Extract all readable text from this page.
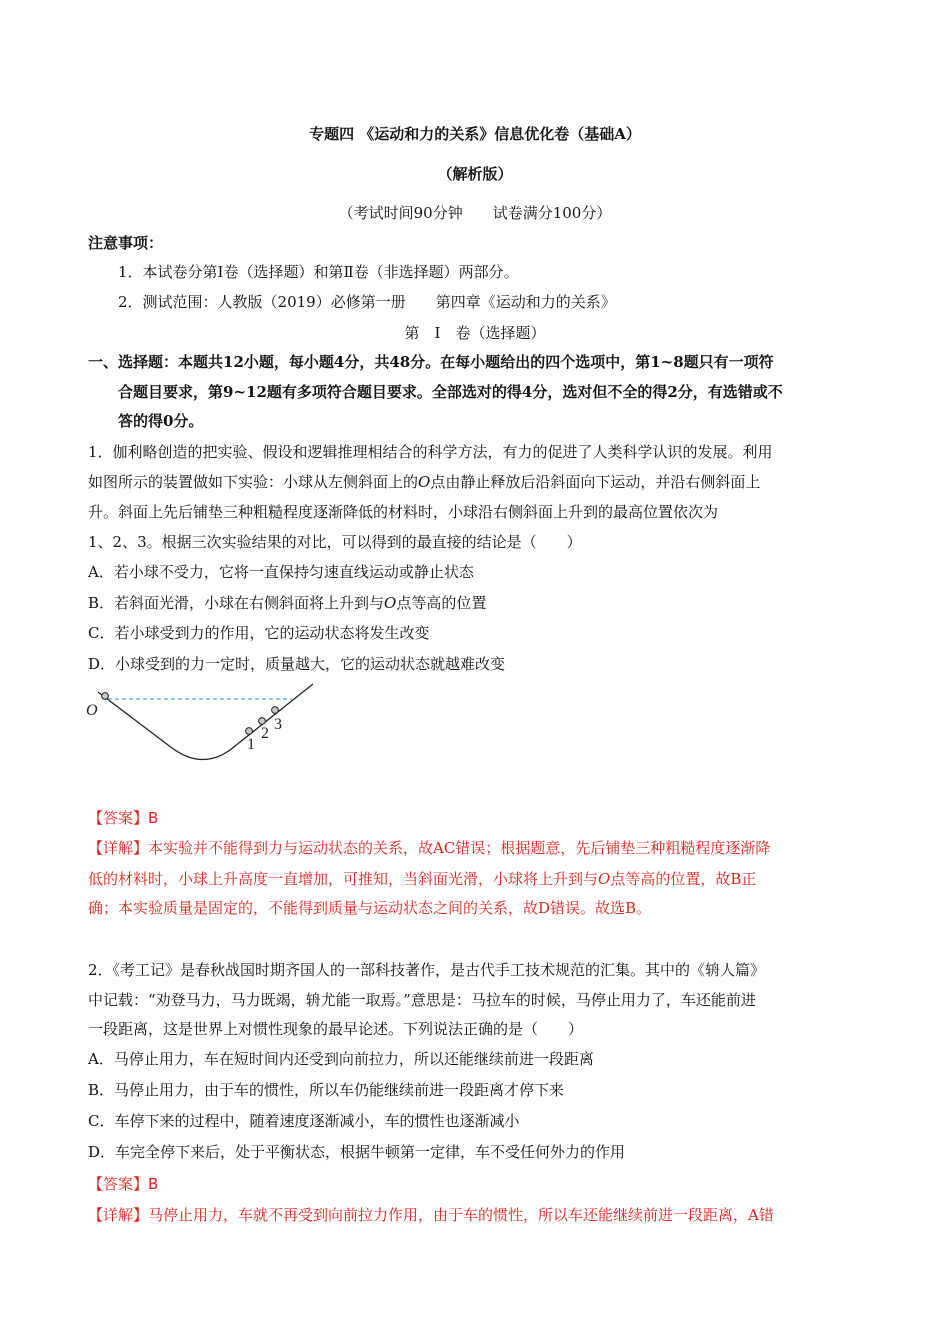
专题四 《运动和力的关系》信息优化卷（基础A）
（解析版）
（考试时间90分钟　　试卷满分100分）
注意事项：
1．本试卷分第Ⅰ卷（选择题）和第Ⅱ卷（非选择题）两部分。
2．测试范围：人教版（2019）必修第一册　　第四章《运动和力的关系》
第　Ⅰ　卷（选择题）
一、选择题：本题共12小题，每小题4分，共48分。在每小题给出的四个选项中，第1~8题只有一项符
合题目要求，第9~12题有多项符合题目要求。全部选对的得4分，选对但不全的得2分，有选错或不
答的得0分。
1．伽利略创造的把实验、假设和逻辑推理相结合的科学方法，有力的促进了人类科学认识的发展。利用
如图所示的装置做如下实验：小球从左侧斜面上的O点由静止释放后沿斜面向下运动，并沿右侧斜面上
升。斜面上先后铺垫三种粗糙程度逐渐降低的材料时，小球沿右侧斜面上升到的最高位置依次为
1、2、3。根据三次实验结果的对比，可以得到的最直接的结论是（　　）
A．若小球不受力，它将一直保持匀速直线运动或静止状态
B．若斜面光滑，小球在右侧斜面将上升到与O点等高的位置
C．若小球受到力的作用，它的运动状态将发生改变
D．小球受到的力一定时，质量越大，它的运动状态就越难改变
O
1
2
3
【答案】B
【详解】本实验并不能得到力与运动状态的关系，故AC错误；根据题意，先后铺垫三种粗糙程度逐渐降
低的材料时，小球上升高度一直增加，可推知，当斜面光滑，小球将上升到与O点等高的位置，故B正
确；本实验质量是固定的，不能得到质量与运动状态之间的关系，故D错误。故选B。
2．《考工记》是春秋战国时期齐国人的一部科技著作，是古代手工技术规范的汇集。其中的《辀人篇》
中记载：“劝登马力，马力既竭，辀尤能一取焉。”意思是：马拉车的时候，马停止用力了，车还能前进
一段距离，这是世界上对惯性现象的最早论述。下列说法正确的是（　　）
A．马停止用力，车在短时间内还受到向前拉力，所以还能继续前进一段距离
B．马停止用力，由于车的惯性，所以车仍能继续前进一段距离才停下来
C．车停下来的过程中，随着速度逐渐减小，车的惯性也逐渐减小
D．车完全停下来后，处于平衡状态，根据牛顿第一定律，车不受任何外力的作用
【答案】B
【详解】马停止用力，车就不再受到向前拉力作用，由于车的惯性，所以车还能继续前进一段距离，A错
